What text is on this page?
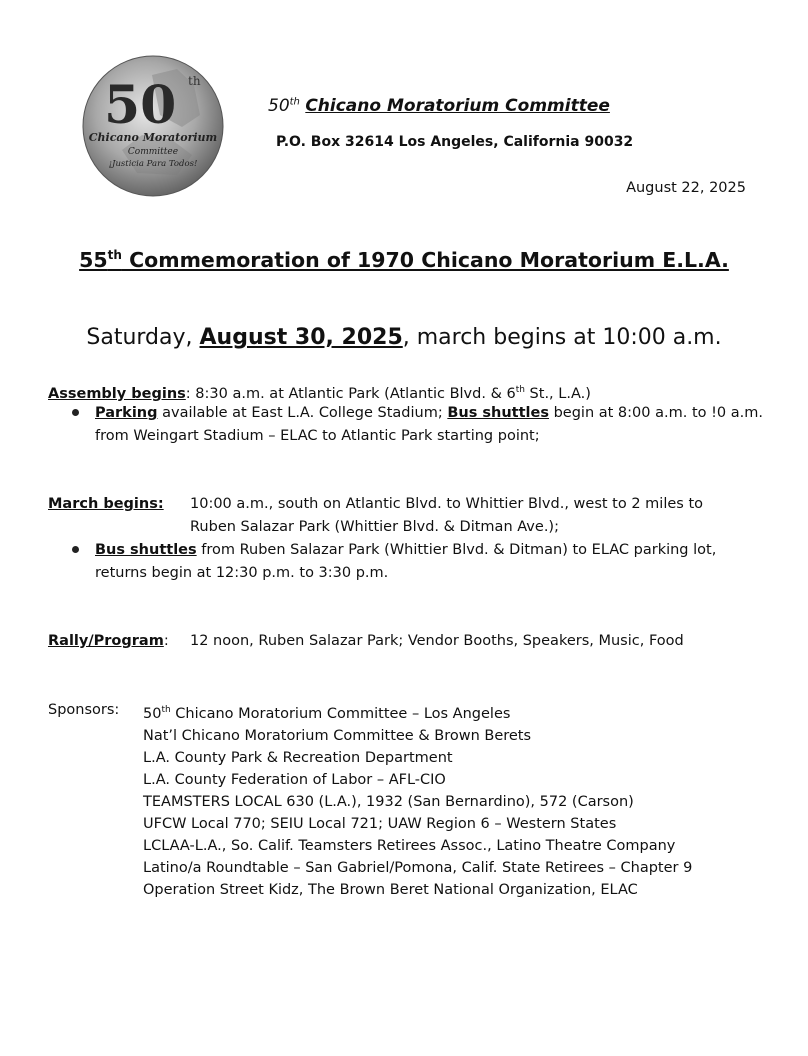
50 th
Chicano Moratorium
Committee
¡Justicia Para Todos!
50th Chicano Moratorium Committee
P.O. Box 32614 Los Angeles, California 90032
August 22, 2025
55th Commemoration of 1970 Chicano Moratorium E.L.A.
Saturday, August 30, 2025, march begins at 10:00 a.m.
Assembly begins: 8:30 a.m. at Atlantic Park (Atlantic Blvd. & 6th St., L.A.)
Parking available at East L.A. College Stadium; Bus shuttles begin at 8:00 a.m. to !0 a.m.
from Weingart Stadium – ELAC to Atlantic Park starting point;
March begins: 10:00 a.m., south on Atlantic Blvd. to Whittier Blvd., west to 2 miles to
Ruben Salazar Park (Whittier Blvd. & Ditman Ave.);
Bus shuttles from Ruben Salazar Park (Whittier Blvd. & Ditman) to ELAC parking lot,
returns begin at 12:30 p.m. to 3:30 p.m.
Rally/Program: 12 noon, Ruben Salazar Park; Vendor Booths, Speakers, Music, Food
Sponsors: 50th Chicano Moratorium Committee – Los Angeles
Nat’l Chicano Moratorium Committee & Brown Berets
L.A. County Park & Recreation Department
L.A. County Federation of Labor – AFL-CIO
TEAMSTERS LOCAL 630 (L.A.), 1932 (San Bernardino), 572 (Carson)
UFCW Local 770; SEIU Local 721; UAW Region 6 – Western States
LCLAA-L.A., So. Calif. Teamsters Retirees Assoc., Latino Theatre Company
Latino/a Roundtable – San Gabriel/Pomona, Calif. State Retirees – Chapter 9
Operation Street Kidz, The Brown Beret National Organization, ELAC
